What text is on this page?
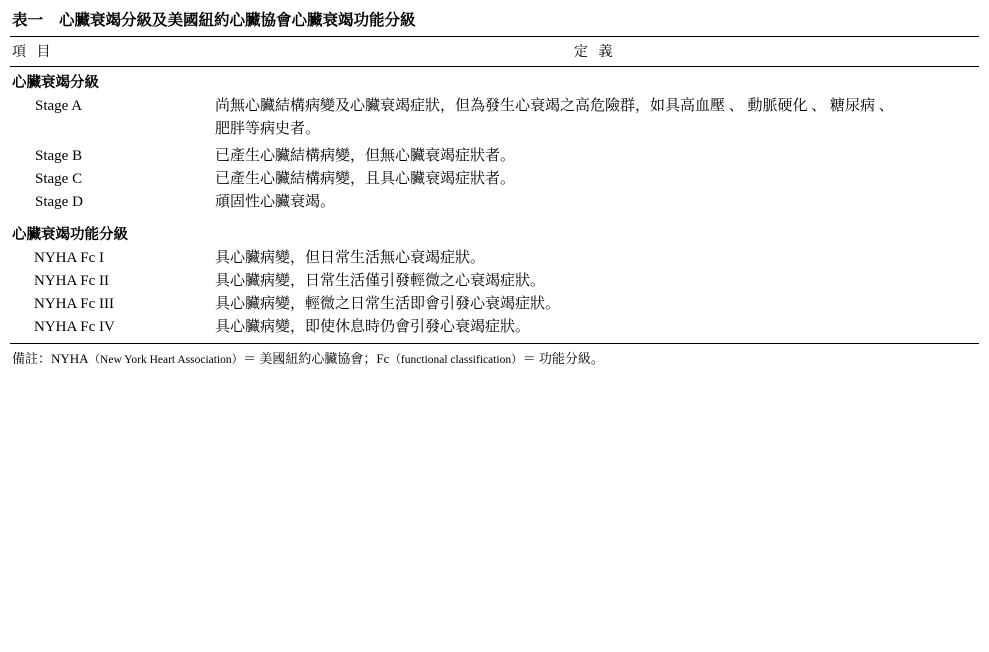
表一 心臟衰竭分級及美國紐約心臟協會心臟衰竭功能分級
項 目	定 義
心臟衰竭分級
Stage A	尚無心臟結構病變及心臟衰竭症狀，但為發生心衰竭之高危險群，如具高血壓 、 動脈硬化 、 糖尿病 、
肥胖等病史者。
Stage B	已產生心臟結構病變，但無心臟衰竭症狀者。
Stage C	已產生心臟結構病變，且具心臟衰竭症狀者。
Stage D	頑固性心臟衰竭。
心臟衰竭功能分級
NYHA Fc I	具心臟病變，但日常生活無心衰竭症狀。
NYHA Fc II	具心臟病變，日常生活僅引發輕微之心衰竭症狀。
NYHA Fc III	具心臟病變，輕微之日常生活即會引發心衰竭症狀。
NYHA Fc IV	具心臟病變，即使休息時仍會引發心衰竭症狀。
備註：NYHA（New York Heart Association）＝ 美國紐約心臟協會；Fc（functional classification）＝ 功能分級。
